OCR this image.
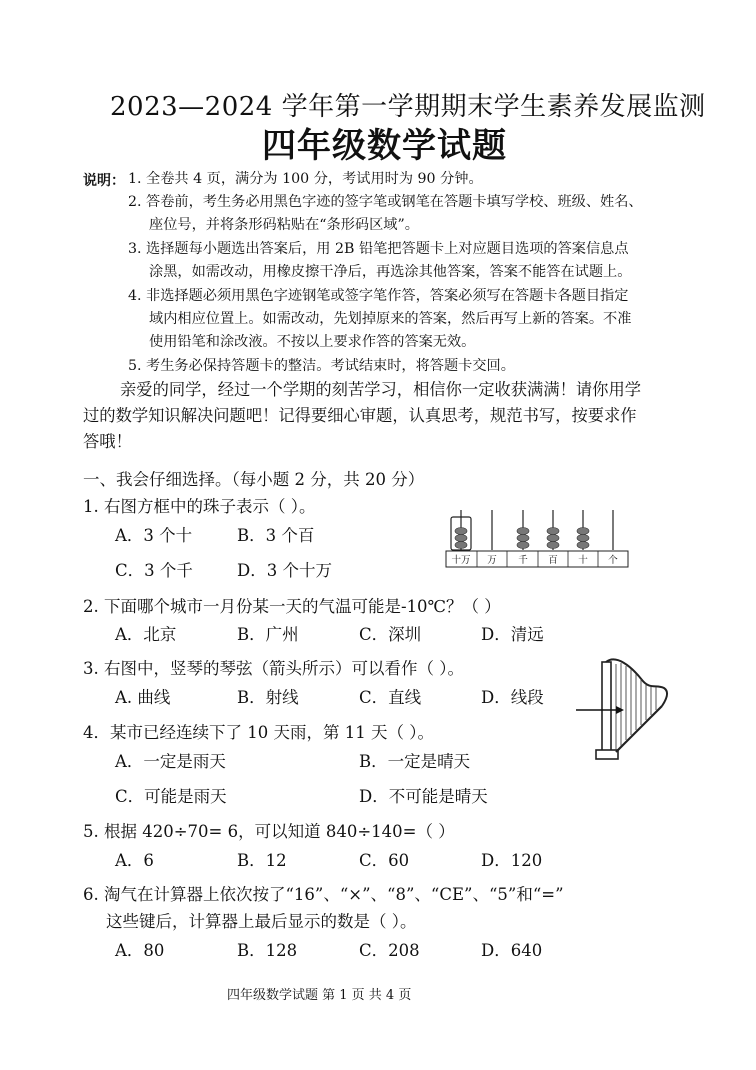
2023—2024 学年第一学期期末学生素养发展监测
四年级数学试题
说明： 1. 全卷共 4 页，满分为 100 分，考试用时为 90 分钟。
2. 答卷前，考生务必用黑色字迹的签字笔或钢笔在答题卡填写学校、班级、姓名、
座位号，并将条形码粘贴在“条形码区域”。
3. 选择题每小题选出答案后，用 2B 铅笔把答题卡上对应题目选项的答案信息点
涂黑，如需改动，用橡皮擦干净后，再选涂其他答案，答案不能答在试题上。
4. 非选择题必须用黑色字迹钢笔或签字笔作答，答案必须写在答题卡各题目指定
域内相应位置上。如需改动，先划掉原来的答案，然后再写上新的答案。不准
使用铅笔和涂改液。不按以上要求作答的答案无效。
5. 考生务必保持答题卡的整洁。考试结束时，将答题卡交回。
亲爱的同学，经过一个学期的刻苦学习，相信你一定收获满满！请你用学
过的数学知识解决问题吧！记得要细心审题，认真思考，规范书写，按要求作
答哦！
一、我会仔细选择。（每小题 2 分，共 20 分）
1. 右图方框中的珠子表示（ ）。
A．3 个十	B．3 个百
C．3 个千	D．3 个十万
十万 万 千 百 十 个
2. 下面哪个城市一月份某一天的气温可能是-10℃？（ ）
A．北京	B．广州	C．深圳	D．清远
3. 右图中，竖琴的琴弦（箭头所示）可以看作（ ）。
A. 曲线	B．射线	C．直线	D．线段
4．某市已经连续下了 10 天雨，第 11 天（ ）。
A．一定是雨天	B．一定是晴天
C．可能是雨天	D．不可能是晴天
5. 根据 420÷70= 6，可以知道 840÷140=（ ）
A．6	B．12	C．60	D．120
6. 淘气在计算器上依次按了“16”、“×”、“8”、“CE”、“5”和“=”
这些键后，计算器上最后显示的数是（ ）。
A．80	B．128	C．208	D．640
四年级数学试题 第 1 页 共 4 页
